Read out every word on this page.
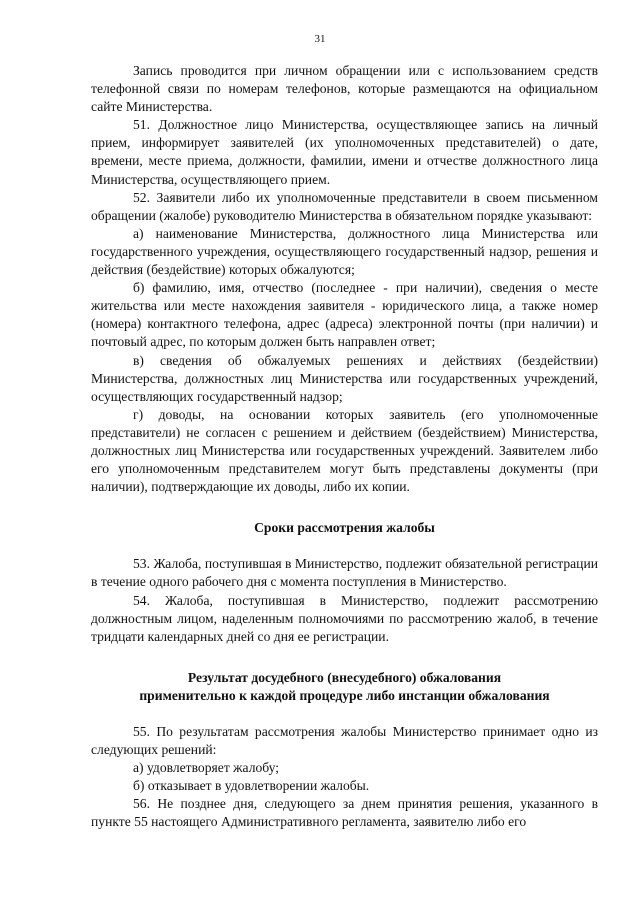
31

Запись проводится при личном обращении или с использованием средств телефонной связи по номерам телефонов, которые размещаются на официальном сайте Министерства.

51. Должностное лицо Министерства, осуществляющее запись на личный прием, информирует заявителей (их уполномоченных представителей) о дате, времени, месте приема, должности, фамилии, имени и отчестве должностного лица Министерства, осуществляющего прием.

52. Заявители либо их уполномоченные представители в своем письменном обращении (жалобе) руководителю Министерства в обязательном порядке указывают:

а) наименование Министерства, должностного лица Министерства или государственного учреждения, осуществляющего государственный надзор, решения и действия (бездействие) которых обжалуются;

б) фамилию, имя, отчество (последнее - при наличии), сведения о месте жительства или месте нахождения заявителя - юридического лица, а также номер (номера) контактного телефона, адрес (адреса) электронной почты (при наличии) и почтовый адрес, по которым должен быть направлен ответ;

в) сведения об обжалуемых решениях и действиях (бездействии) Министерства, должностных лиц Министерства или государственных учреждений, осуществляющих государственный надзор;

г) доводы, на основании которых заявитель (его уполномоченные представители) не согласен с решением и действием (бездействием) Министерства, должностных лиц Министерства или государственных учреждений. Заявителем либо его уполномоченным представителем могут быть представлены документы (при наличии), подтверждающие их доводы, либо их копии.

Сроки рассмотрения жалобы

53. Жалоба, поступившая в Министерство, подлежит обязательной регистрации в течение одного рабочего дня с момента поступления в Министерство.

54. Жалоба, поступившая в Министерство, подлежит рассмотрению должностным лицом, наделенным полномочиями по рассмотрению жалоб, в течение тридцати календарных дней со дня ее регистрации.

Результат досудебного (внесудебного) обжалования
применительно к каждой процедуре либо инстанции обжалования

55. По результатам рассмотрения жалобы Министерство принимает одно из следующих решений:

а) удовлетворяет жалобу;

б) отказывает в удовлетворении жалобы.

56. Не позднее дня, следующего за днем принятия решения, указанного в пункте 55 настоящего Административного регламента, заявителю либо его
